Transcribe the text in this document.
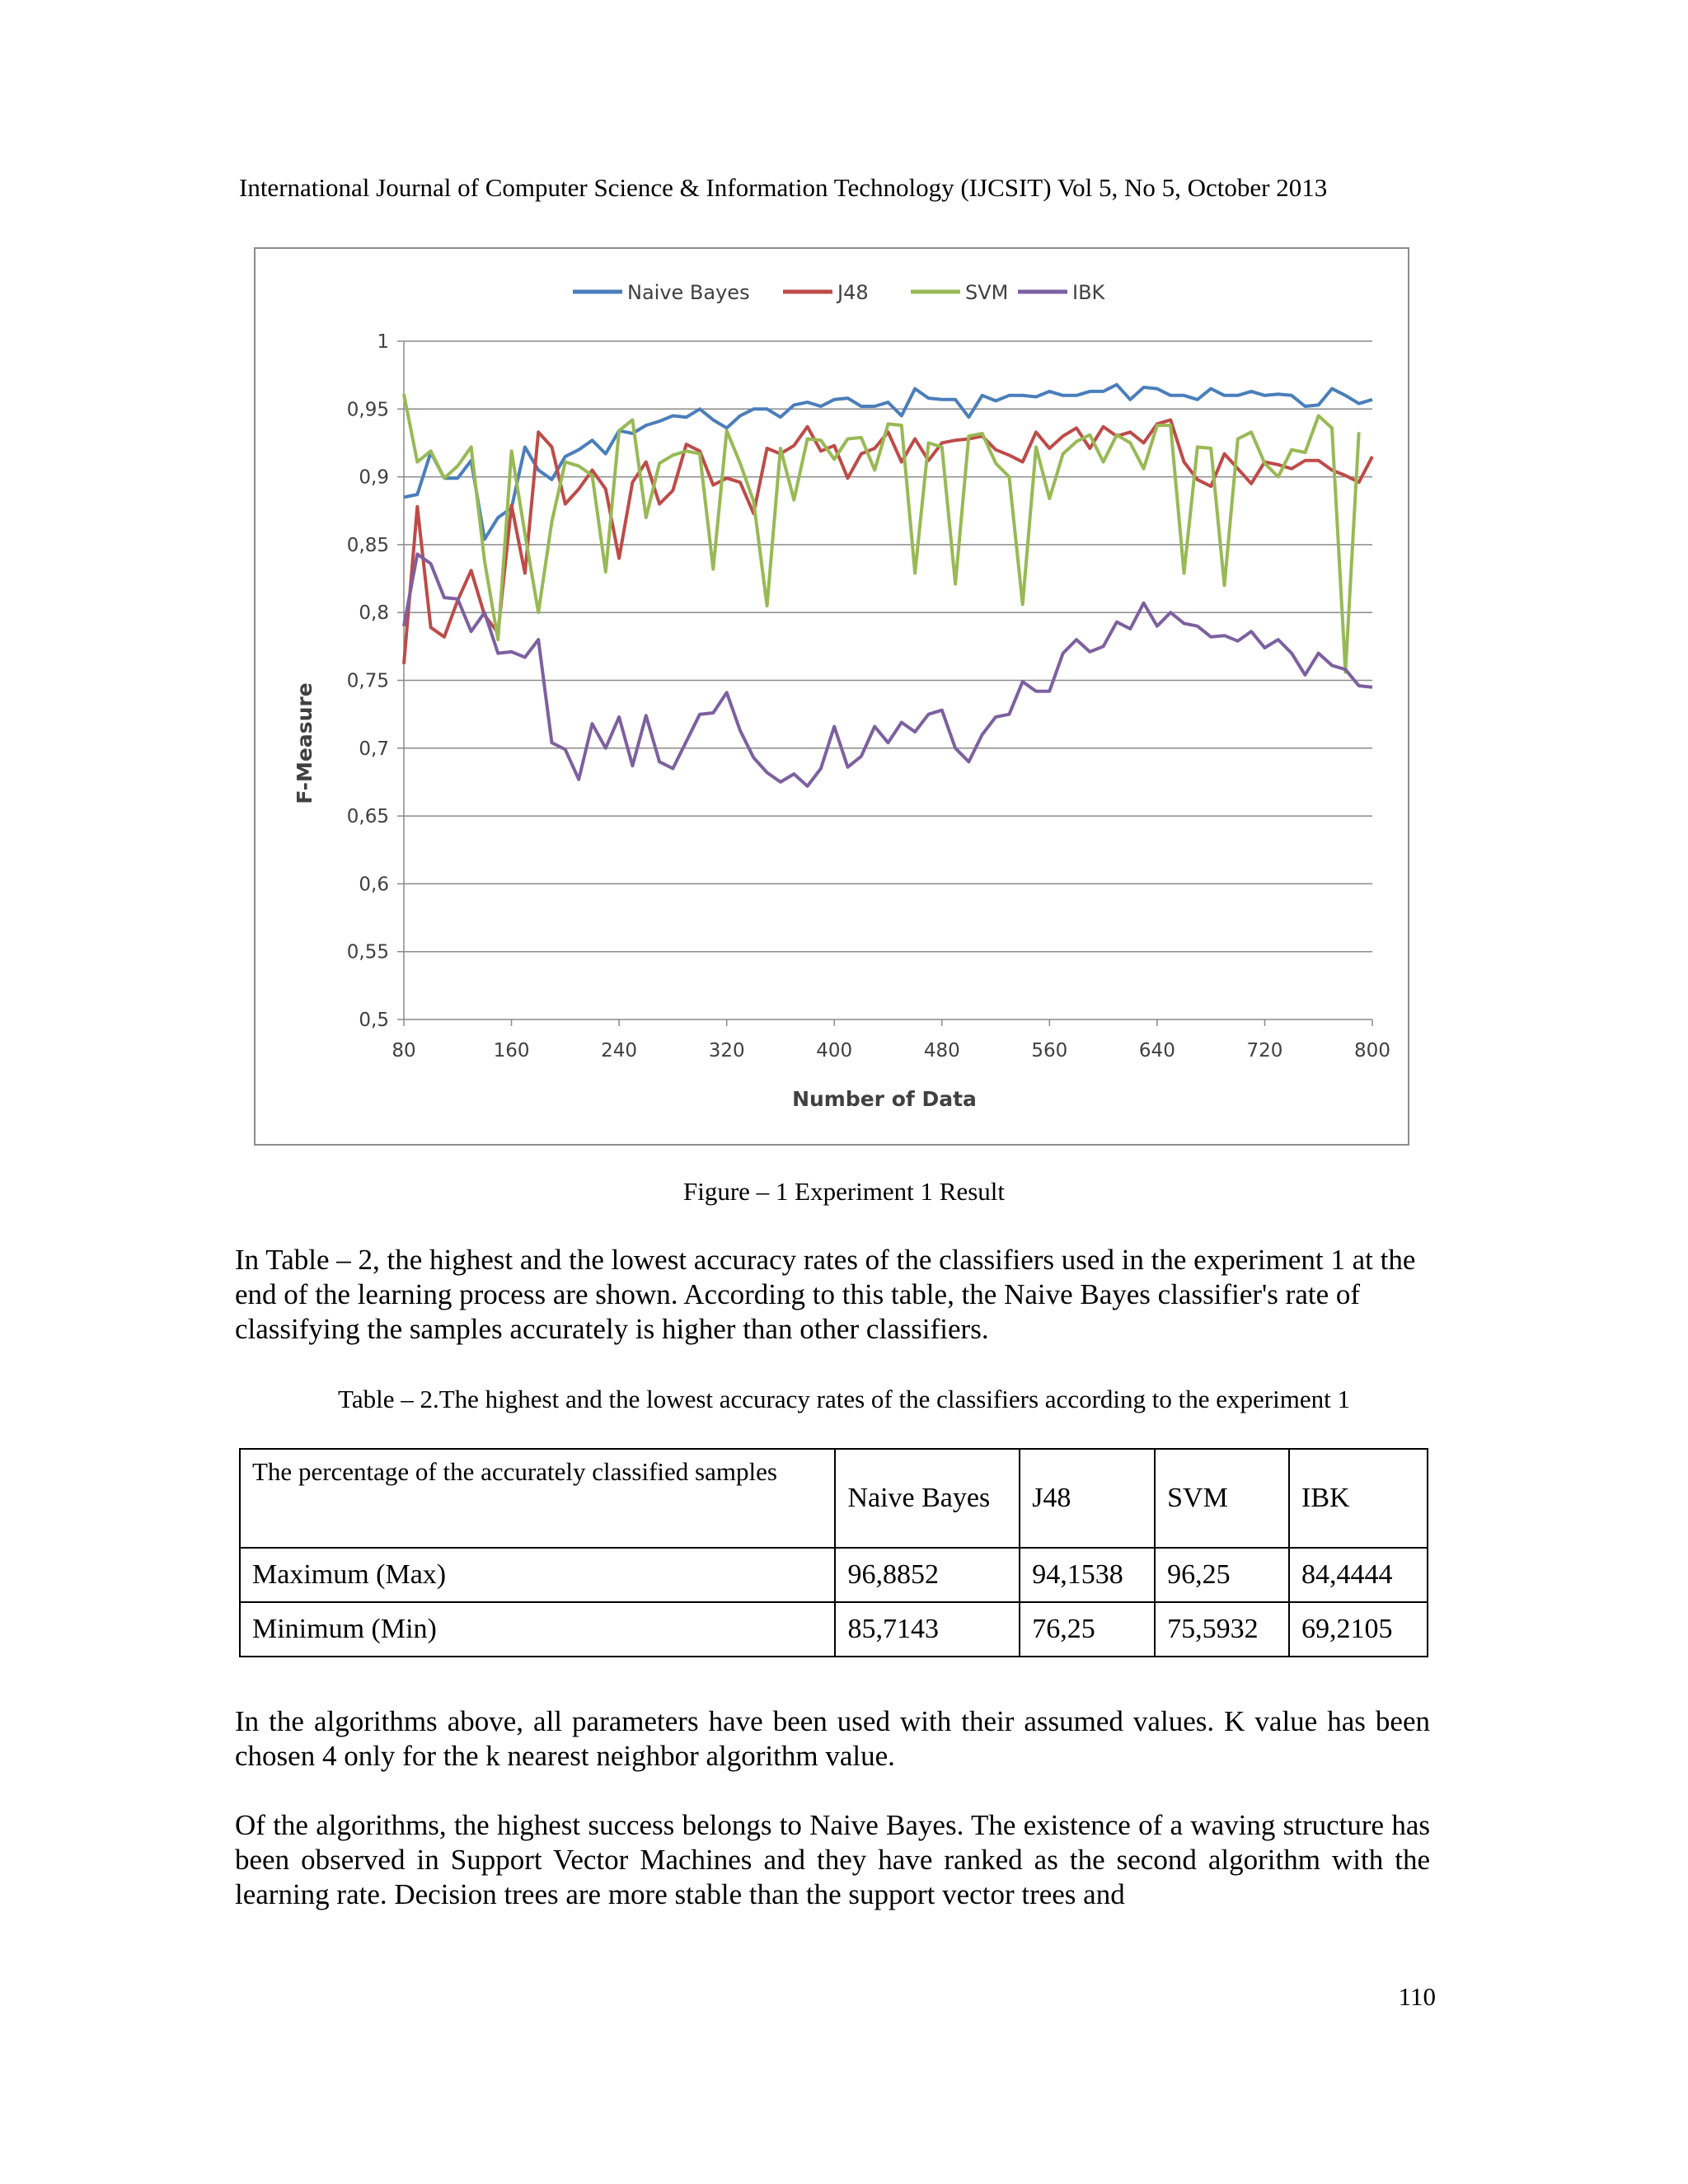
International Journal of Computer Science & Information Technology (IJCSIT) Vol 5, No 5, October 2013
0,5
0,55
0,6
0,65
0,7
0,75
0,8
0,85
0,9
0,95
1
80	160	240	320	400	480	560	640	720	800
Naive Bayes	J48	SVM	IBK
Number of Data
F-Measure
Figure – 1 Experiment 1 Result
In Table – 2, the highest and the lowest accuracy rates of the classifiers used in the experiment 1 at the end of the learning process are shown. According to this table, the Naive Bayes classifier's rate of classifying the samples accurately is higher than other classifiers.
Table – 2.The highest and the lowest accuracy rates of the classifiers according to the experiment 1
The percentage of the accurately classified samples	Naive Bayes	J48	SVM	IBK
Maximum (Max)	96,8852	94,1538	96,25	84,4444
Minimum (Min)	85,7143	76,25	75,5932	69,2105
In the algorithms above, all parameters have been used with their assumed values. K value has been chosen 4 only for the k nearest neighbor algorithm value.
Of the algorithms, the highest success belongs to Naive Bayes. The existence of a waving structure has been observed in Support Vector Machines and they have ranked as the second algorithm with the learning rate. Decision trees are more stable than the support vector trees and
110
